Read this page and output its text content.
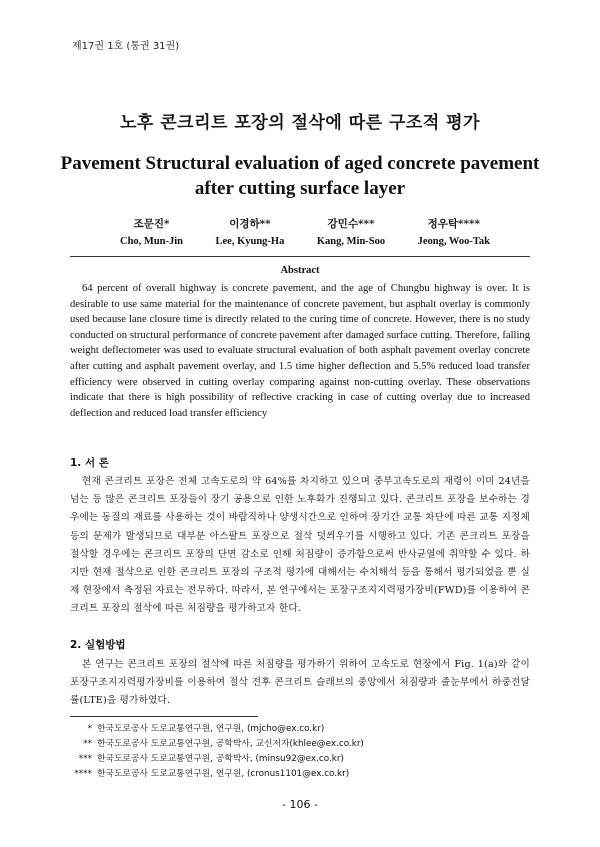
제17권 1호 (통권 31권)
노후 콘크리트 포장의 절삭에 따른 구조적 평가
Pavement Structural evaluation of aged concrete pavement after cutting surface layer
조문진*
Cho, Mun-Jin
이경하**
Lee, Kyung-Ha
강민수***
Kang, Min-Soo
정우탁****
Jeong, Woo-Tak
Abstract
64 percent of overall highway is concrete pavement, and the age of Chungbu highway is over. It is desirable to use same material for the maintenance of concrete pavement, but asphalt overlay is commonly used because lane closure time is directly related to the curing time of concrete. However, there is no study conducted on structural performance of concrete pavement after damaged surface cutting. Therefore, falling weight deflectometer was used to evaluate structural evaluation of both asphalt pavement overlay concrete after cutting and asphalt pavement overlay, and 1.5 time higher deflection and 5.5% reduced load transfer efficiency were observed in cutting overlay comparing against non-cutting overlay. These observations indicate that there is high possibility of reflective cracking in case of cutting overlay due to increased deflection and reduced load transfer efficiency
1. 서 론
현재 콘크리트 포장은 전체 고속도로의 약 64%를 차지하고 있으며 중부고속도로의 재령이 이미 24년을 넘는 등 많은 콘크리트 포장들이 장기 공용으로 인한 노후화가 진행되고 있다. 콘크리트 포장을 보수하는 경우에는 동질의 재료를 사용하는 것이 바람직하나 양생시간으로 인하여 장기간 교통 차단에 따른 교통 지정체 등의 문제가 발생되므로 대부분 아스팔트 포장으로 절삭 덧씌우기를 시행하고 있다. 기존 콘크리트 포장을 절삭할 경우에는 콘크리트 포장의 단면 감소로 인해 처짐량이 증가함으로써 반사균열에 취약할 수 있다. 하지만 현재 절삭으로 인한 콘크리트 포장의 구조적 평가에 대해서는 수치해석 등을 통해서 평가되었을 뿐 실제 현장에서 측정된 자료는 전무하다. 따라서, 본 연구에서는 포장구조지지력평가장비(FWD)를 이용하여 콘크리트 포장의 절삭에 따른 처짐량을 평가하고자 한다.
2. 실험방법
본 연구는 콘크리트 포장의 절삭에 따른 처짐량을 평가하기 위하여 고속도로 현장에서 Fig. 1(a)와 같이 포장구조지지력평가장비를 이용하여 절삭 전후 콘크리트 슬래브의 중앙에서 처짐량과 줄눈부에서 하중전달률(LTE)을 평가하였다.
* 한국도로공사 도로교통연구원, 연구원, (mjcho@ex.co.kr)
** 한국도로공사 도로교통연구원, 공학박사, 교신저자(khlee@ex.co.kr)
*** 한국도로공사 도로교통연구원, 공학박사, (minsu92@ex.co.kr)
**** 한국도로공사 도로교통연구원, 연구원, (cronus1101@ex.co.kr)
- 106 -
